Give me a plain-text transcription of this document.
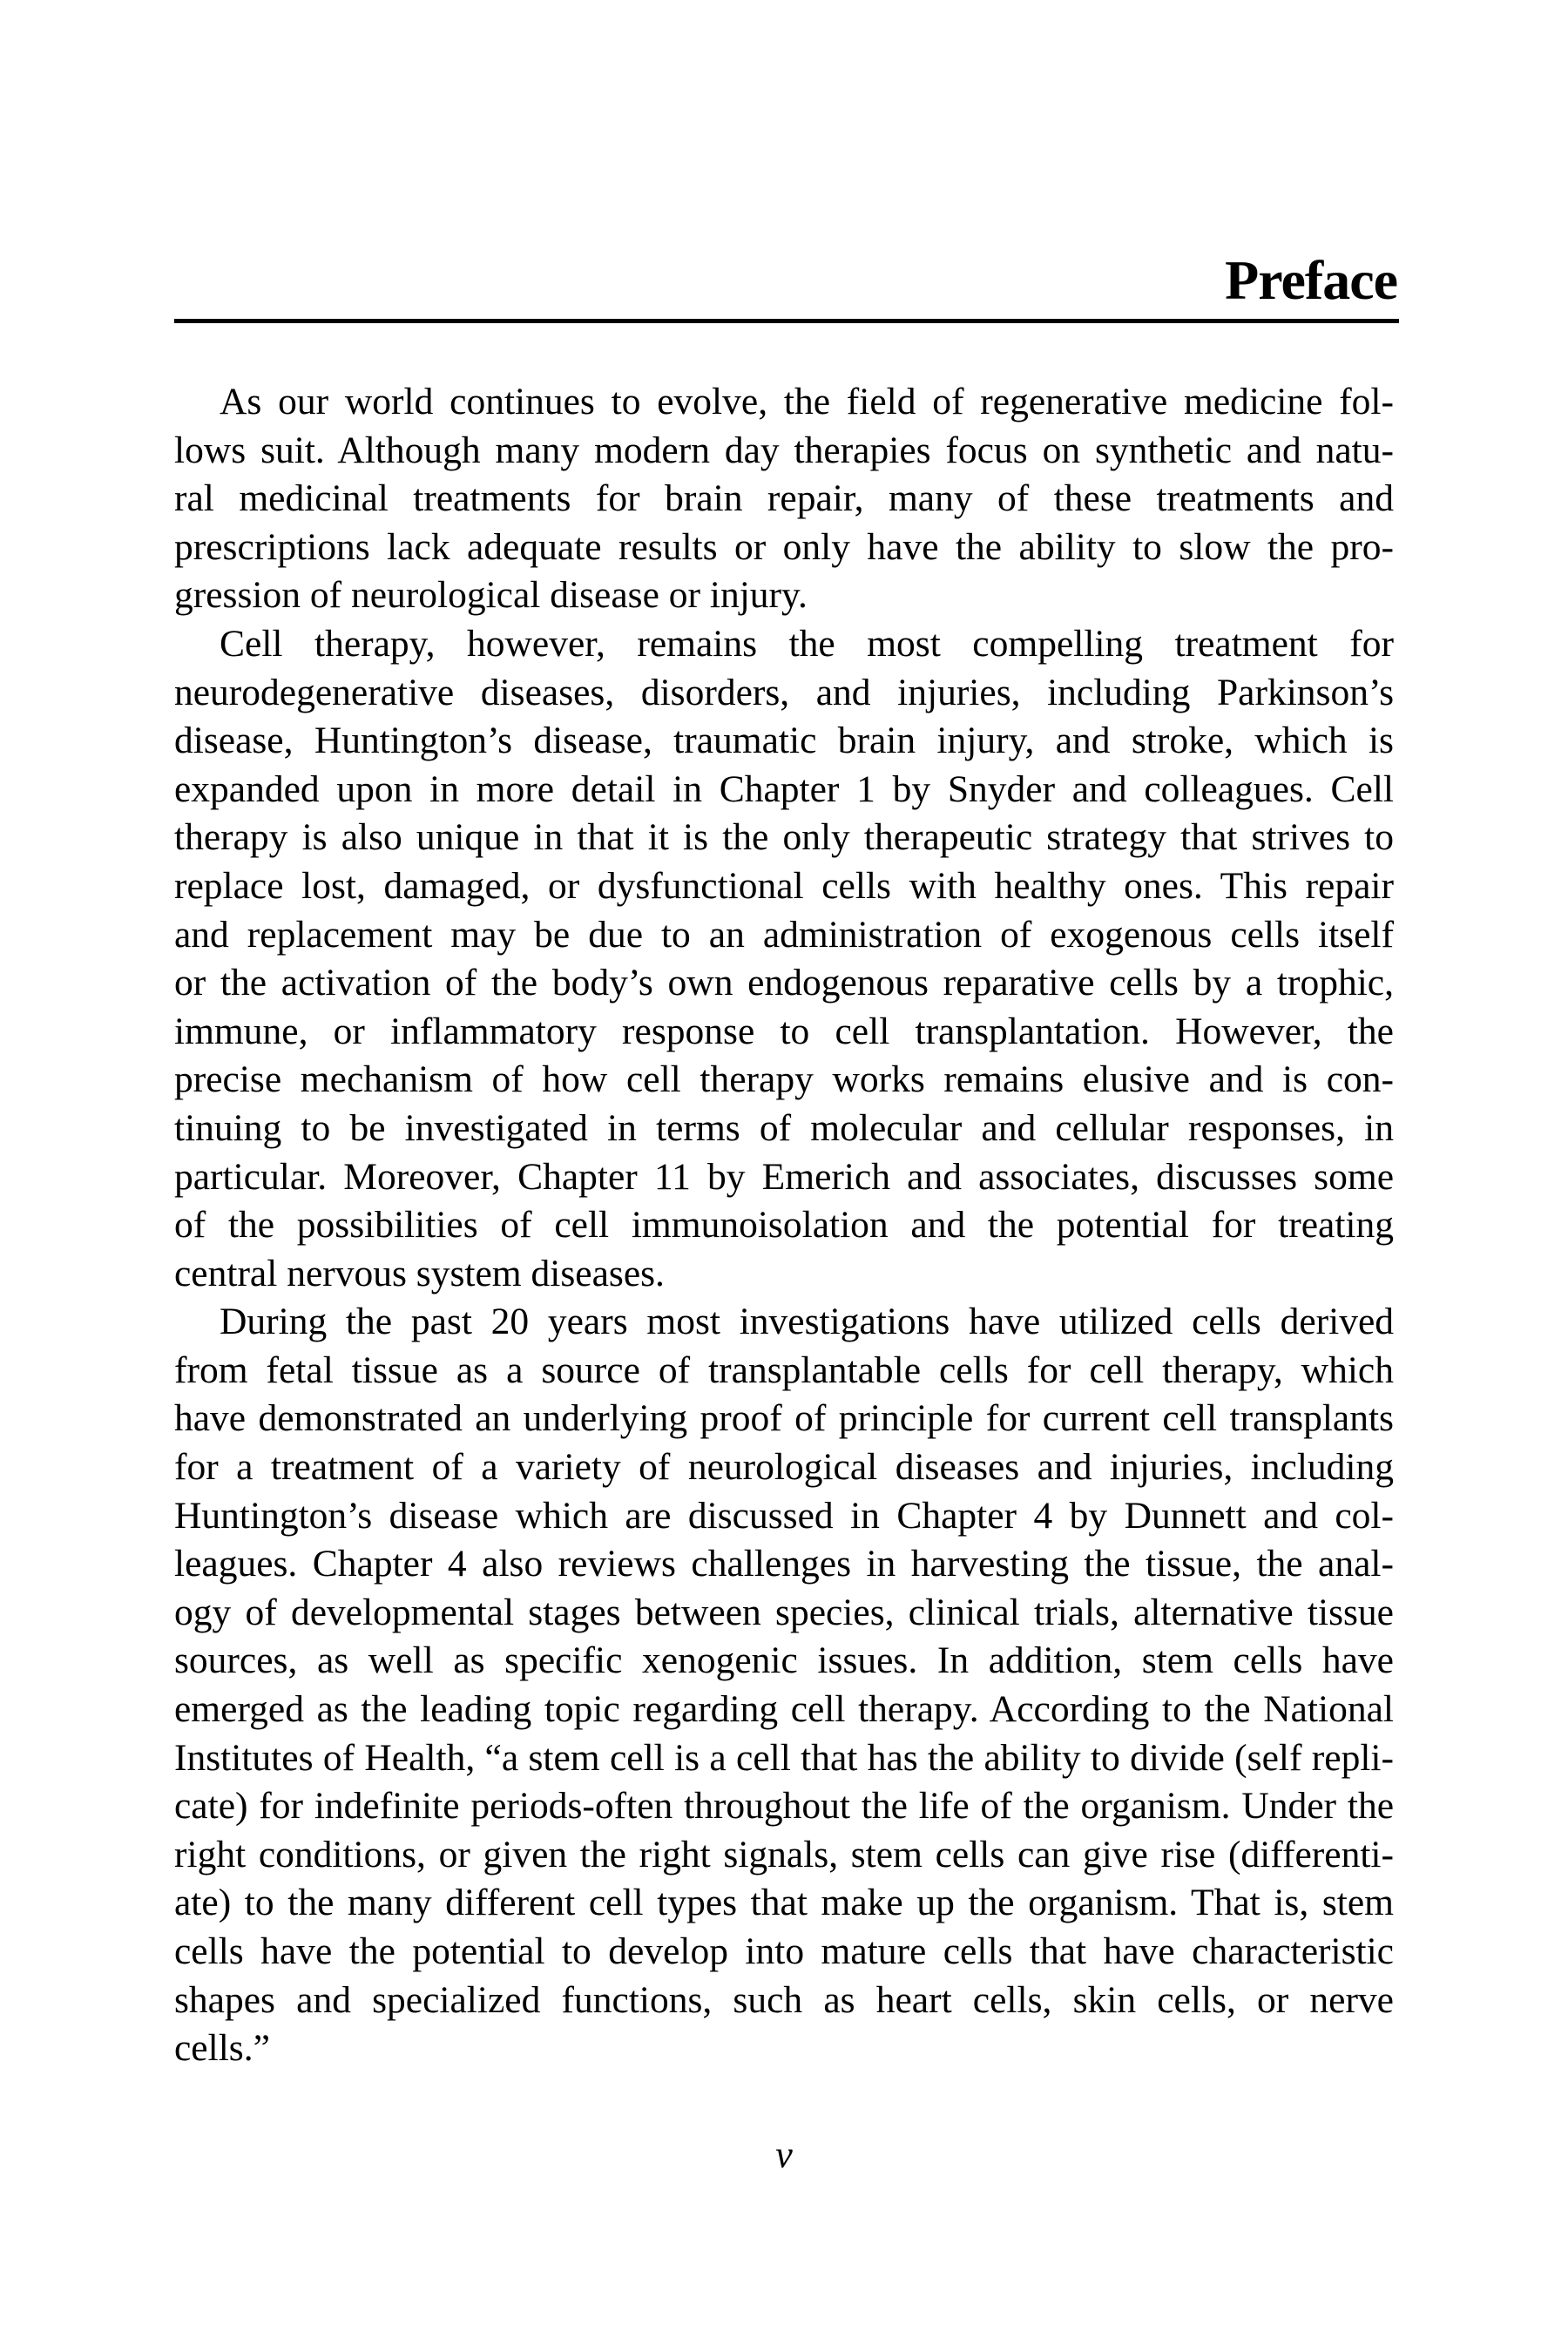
Preface
As our world continues to evolve, the field of regenerative medicine fol-
lows suit. Although many modern day therapies focus on synthetic and natu-
ral medicinal treatments for brain repair, many of these treatments and
prescriptions lack adequate results or only have the ability to slow the pro-
gression of neurological disease or injury.
Cell therapy, however, remains the most compelling treatment for
neurodegenerative diseases, disorders, and injuries, including Parkinson’s
disease, Huntington’s disease, traumatic brain injury, and stroke, which is
expanded upon in more detail in Chapter 1 by Snyder and colleagues. Cell
therapy is also unique in that it is the only therapeutic strategy that strives to
replace lost, damaged, or dysfunctional cells with healthy ones. This repair
and replacement may be due to an administration of exogenous cells itself
or the activation of the body’s own endogenous reparative cells by a trophic,
immune, or inflammatory response to cell transplantation. However, the
precise mechanism of how cell therapy works remains elusive and is con-
tinuing to be investigated in terms of molecular and cellular responses, in
particular. Moreover, Chapter 11 by Emerich and associates, discusses some
of the possibilities of cell immunoisolation and the potential for treating
central nervous system diseases.
During the past 20 years most investigations have utilized cells derived
from fetal tissue as a source of transplantable cells for cell therapy, which
have demonstrated an underlying proof of principle for current cell transplants
for a treatment of a variety of neurological diseases and injuries, including
Huntington’s disease which are discussed in Chapter 4 by Dunnett and col-
leagues. Chapter 4 also reviews challenges in harvesting the tissue, the anal-
ogy of developmental stages between species, clinical trials, alternative tissue
sources, as well as specific xenogenic issues. In addition, stem cells have
emerged as the leading topic regarding cell therapy. According to the National
Institutes of Health, “a stem cell is a cell that has the ability to divide (self repli-
cate) for indefinite periods-often throughout the life of the organism. Under the
right conditions, or given the right signals, stem cells can give rise (differenti-
ate) to the many different cell types that make up the organism. That is, stem
cells have the potential to develop into mature cells that have characteristic
shapes and specialized functions, such as heart cells, skin cells, or nerve
cells.”
v
